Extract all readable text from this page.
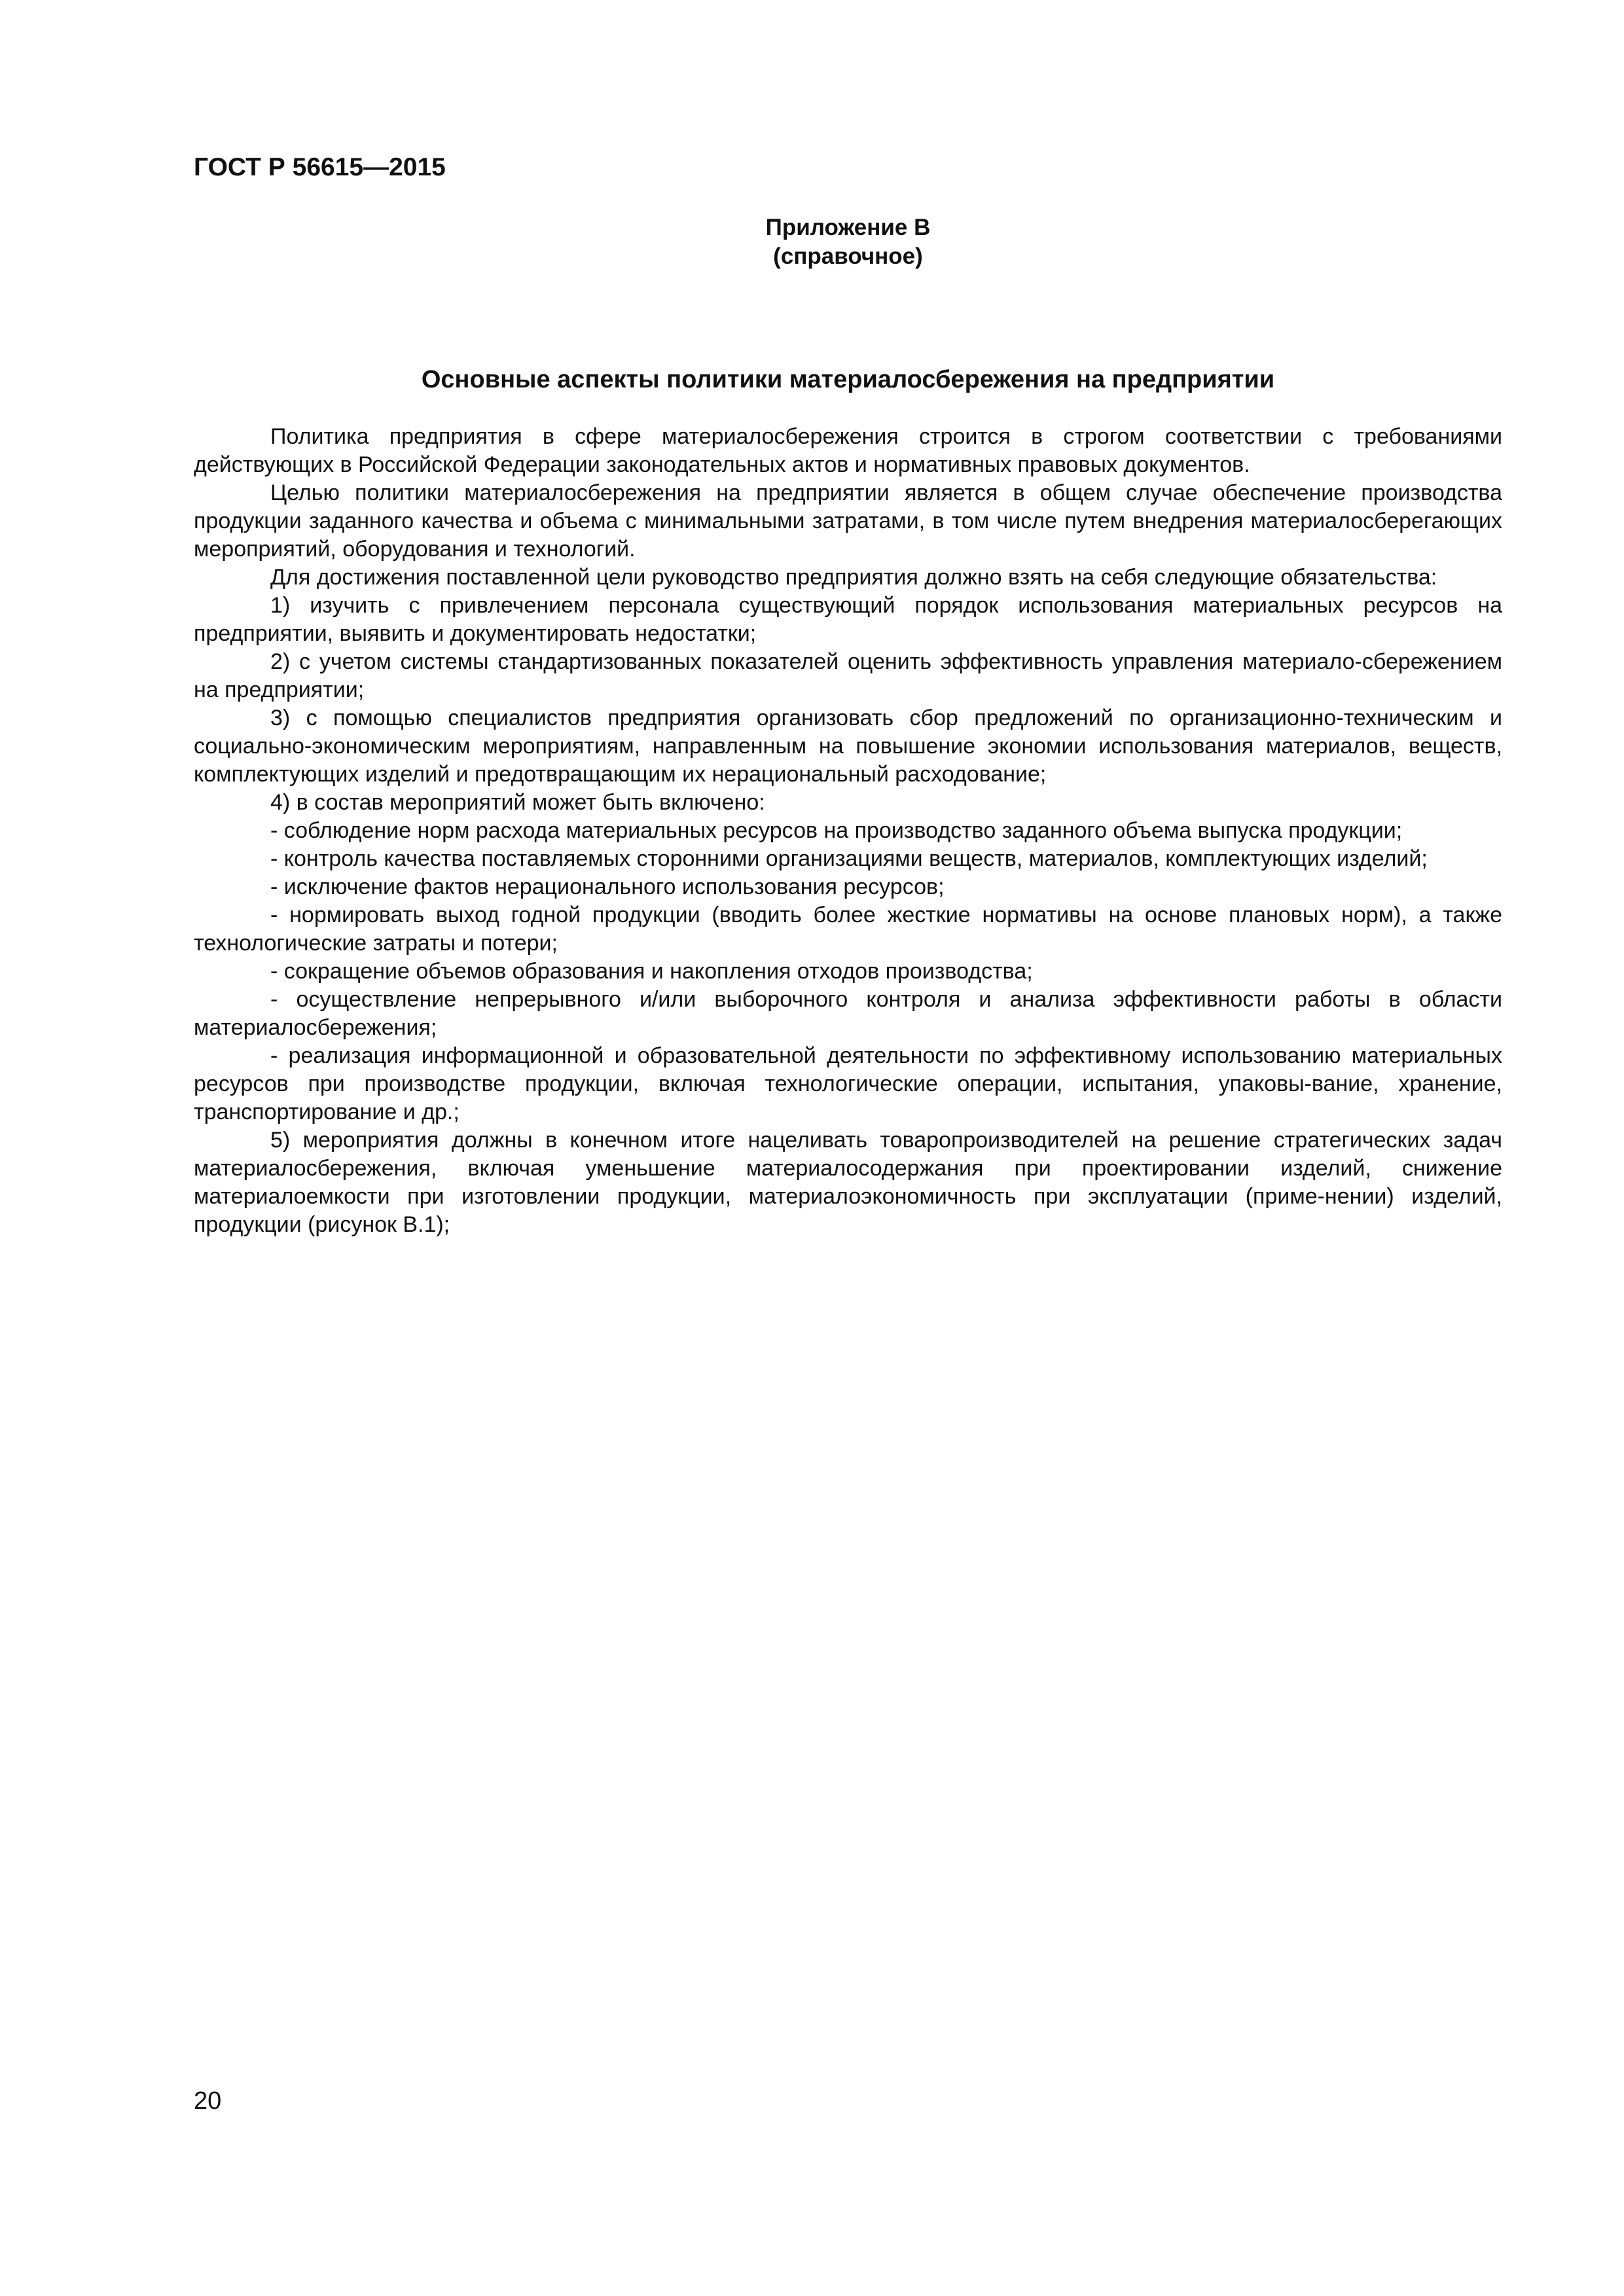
ГОСТ Р 56615—2015
Приложение В
(справочное)
Основные аспекты политики материалосбережения на предприятии

Политика предприятия в сфере материалосбережения строится в строгом соответствии с требованиями действующих в Российской Федерации законодательных актов и нормативных правовых документов.

Целью политики материалосбережения на предприятии является в общем случае обеспечение производства продукции заданного качества и объема с минимальными затратами, в том числе путем внедрения материалосберегающих мероприятий, оборудования и технологий.

Для достижения поставленной цели руководство предприятия должно взять на себя следующие обязательства:

1) изучить с привлечением персонала существующий порядок использования материальных ресурсов на предприятии, выявить и документировать недостатки;

2) с учетом системы стандартизованных показателей оценить эффективность управления материало-сбережением на предприятии;

3) с помощью специалистов предприятия организовать сбор предложений по организационно-техническим и социально-экономическим мероприятиям, направленным на повышение экономии использования материалов, веществ, комплектующих изделий и предотвращающим их нерациональный расходование;

4) в состав мероприятий может быть включено:

- соблюдение норм расхода материальных ресурсов на производство заданного объема выпуска продукции;

- контроль качества поставляемых сторонними организациями веществ, материалов, комплектующих изделий;

- исключение фактов нерационального использования ресурсов;

- нормировать выход годной продукции (вводить более жесткие нормативы на основе плановых норм), а также технологические затраты и потери;

- сокращение объемов образования и накопления отходов производства;

- осуществление непрерывного и/или выборочного контроля и анализа эффективности работы в области материалосбережения;

- реализация информационной и образовательной деятельности по эффективному использованию материальных ресурсов при производстве продукции, включая технологические операции, испытания, упаковы-вание, хранение, транспортирование и др.;

5) мероприятия должны в конечном итоге нацеливать товаропроизводителей на решение стратегических задач материалосбережения, включая уменьшение материалосодержания при проектировании изделий, снижение материалоемкости при изготовлении продукции, материалоэкономичность при эксплуатации (приме-нении) изделий, продукции (рисунок В.1);

20
